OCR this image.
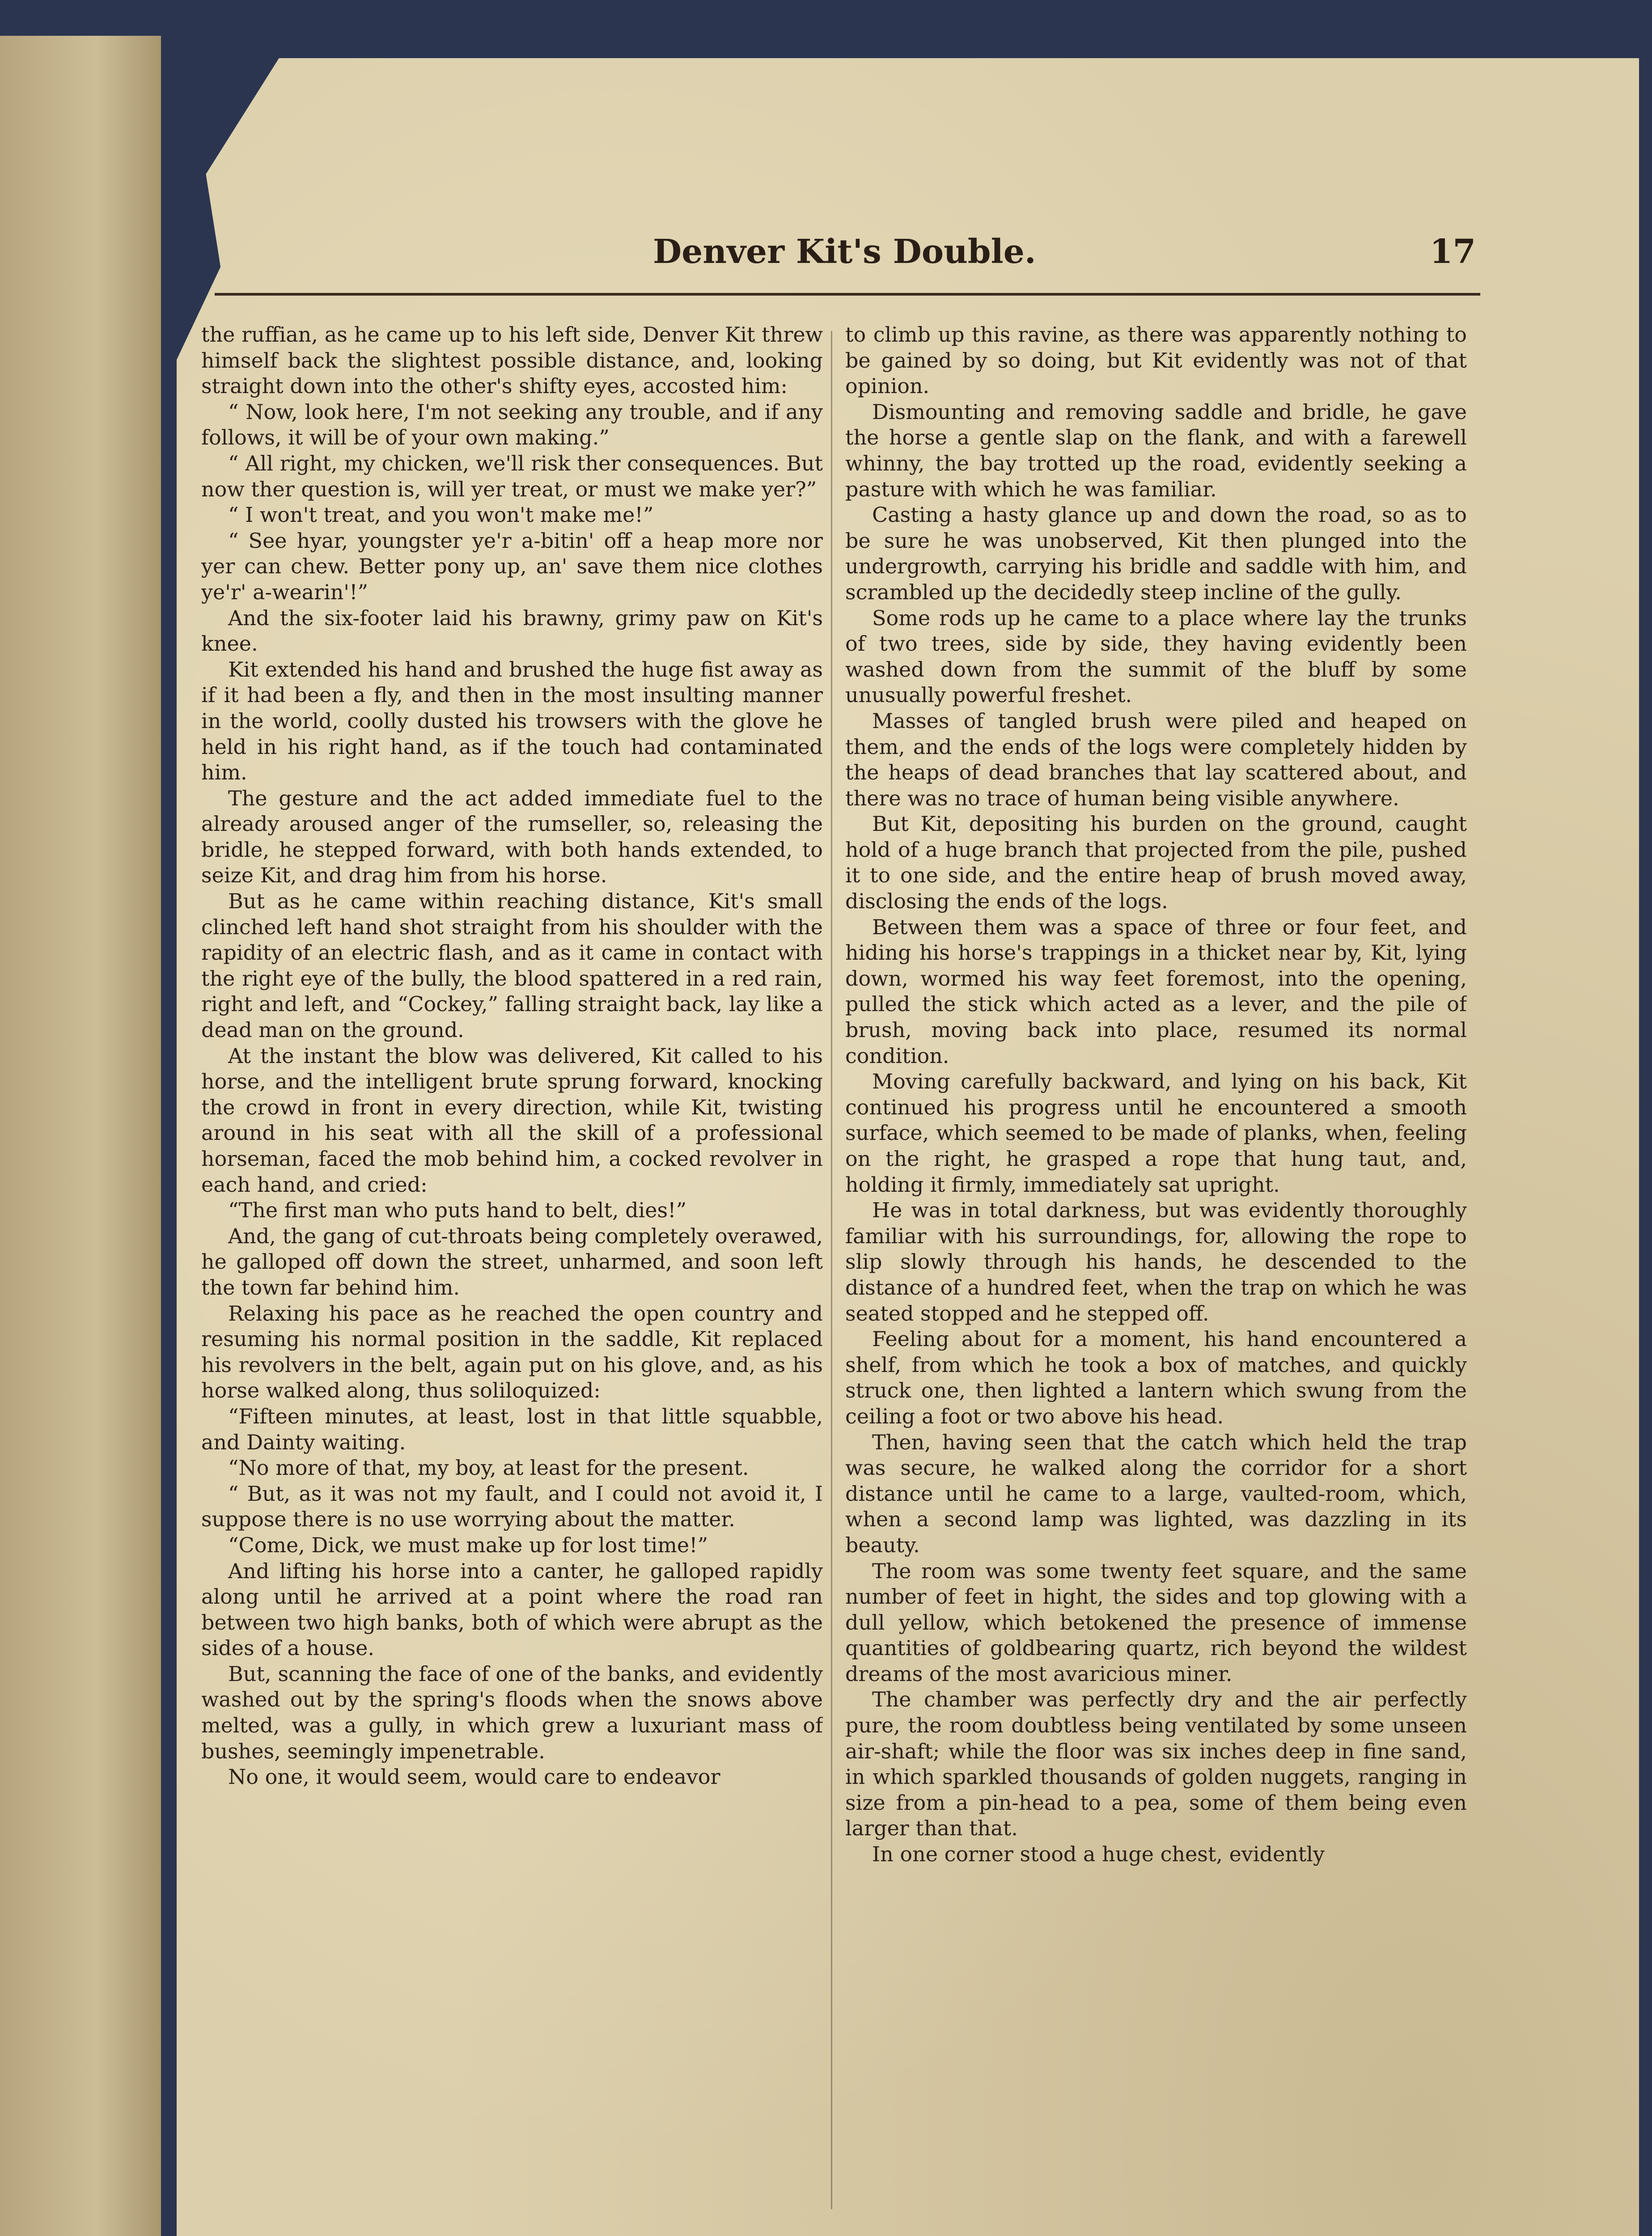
Denver Kit's Double.	17

the ruffian, as he came up to his left side, Denver Kit threw himself back the slightest possible distance, and, looking straight down into the other's shifty eyes, accosted him:

“ Now, look here, I'm not seeking any trouble, and if any follows, it will be of your own making.”

“ All right, my chicken, we'll risk ther consequences. But now ther question is, will yer treat, or must we make yer?”

“ I won't treat, and you won't make me!”

“ See hyar, youngster ye'r a-bitin' off a heap more nor yer can chew. Better pony up, an' save them nice clothes ye'r' a-wearin'!”

And the six-footer laid his brawny, grimy paw on Kit's knee.

Kit extended his hand and brushed the huge fist away as if it had been a fly, and then in the most insulting manner in the world, coolly dusted his trowsers with the glove he held in his right hand, as if the touch had contaminated him.

The gesture and the act added immediate fuel to the already aroused anger of the rumseller, so, releasing the bridle, he stepped forward, with both hands extended, to seize Kit, and drag him from his horse.

But as he came within reaching distance, Kit's small clinched left hand shot straight from his shoulder with the rapidity of an electric flash, and as it came in contact with the right eye of the bully, the blood spattered in a red rain, right and left, and “Cockey,” falling straight back, lay like a dead man on the ground.

At the instant the blow was delivered, Kit called to his horse, and the intelligent brute sprung forward, knocking the crowd in front in every direction, while Kit, twisting around in his seat with all the skill of a professional horseman, faced the mob behind him, a cocked revolver in each hand, and cried:

“The first man who puts hand to belt, dies!”

And, the gang of cut-throats being completely overawed, he galloped off down the street, unharmed, and soon left the town far behind him.

Relaxing his pace as he reached the open country and resuming his normal position in the saddle, Kit replaced his revolvers in the belt, again put on his glove, and, as his horse walked along, thus soliloquized:

“Fifteen minutes, at least, lost in that little squabble, and Dainty waiting.

“No more of that, my boy, at least for the present.

“ But, as it was not my fault, and I could not avoid it, I suppose there is no use worrying about the matter.

“Come, Dick, we must make up for lost time!”

And lifting his horse into a canter, he galloped rapidly along until he arrived at a point where the road ran between two high banks, both of which were abrupt as the sides of a house.

But, scanning the face of one of the banks, and evidently washed out by the spring's floods when the snows above melted, was a gully, in which grew a luxuriant mass of bushes, seemingly impenetrable.

No one, it would seem, would care to endeavor

to climb up this ravine, as there was apparently nothing to be gained by so doing, but Kit evidently was not of that opinion.

Dismounting and removing saddle and bridle, he gave the horse a gentle slap on the flank, and with a farewell whinny, the bay trotted up the road, evidently seeking a pasture with which he was familiar.

Casting a hasty glance up and down the road, so as to be sure he was unobserved, Kit then plunged into the undergrowth, carrying his bridle and saddle with him, and scrambled up the decidedly steep incline of the gully.

Some rods up he came to a place where lay the trunks of two trees, side by side, they having evidently been washed down from the summit of the bluff by some unusually powerful freshet.

Masses of tangled brush were piled and heaped on them, and the ends of the logs were completely hidden by the heaps of dead branches that lay scattered about, and there was no trace of human being visible anywhere.

But Kit, depositing his burden on the ground, caught hold of a huge branch that projected from the pile, pushed it to one side, and the entire heap of brush moved away, disclosing the ends of the logs.

Between them was a space of three or four feet, and hiding his horse's trappings in a thicket near by, Kit, lying down, wormed his way feet foremost, into the opening, pulled the stick which acted as a lever, and the pile of brush, moving back into place, resumed its normal condition.

Moving carefully backward, and lying on his back, Kit continued his progress until he encountered a smooth surface, which seemed to be made of planks, when, feeling on the right, he grasped a rope that hung taut, and, holding it firmly, immediately sat upright.

He was in total darkness, but was evidently thoroughly familiar with his surroundings, for, allowing the rope to slip slowly through his hands, he descended to the distance of a hundred feet, when the trap on which he was seated stopped and he stepped off.

Feeling about for a moment, his hand encountered a shelf, from which he took a box of matches, and quickly struck one, then lighted a lantern which swung from the ceiling a foot or two above his head.

Then, having seen that the catch which held the trap was secure, he walked along the corridor for a short distance until he came to a large, vaulted-room, which, when a second lamp was lighted, was dazzling in its beauty.

The room was some twenty feet square, and the same number of feet in hight, the sides and top glowing with a dull yellow, which betokened the presence of immense quantities of goldbearing quartz, rich beyond the wildest dreams of the most avaricious miner.

The chamber was perfectly dry and the air perfectly pure, the room doubtless being ventilated by some unseen air-shaft; while the floor was six inches deep in fine sand, in which sparkled thousands of golden nuggets, ranging in size from a pin-head to a pea, some of them being even larger than that.

In one corner stood a huge chest, evidently
